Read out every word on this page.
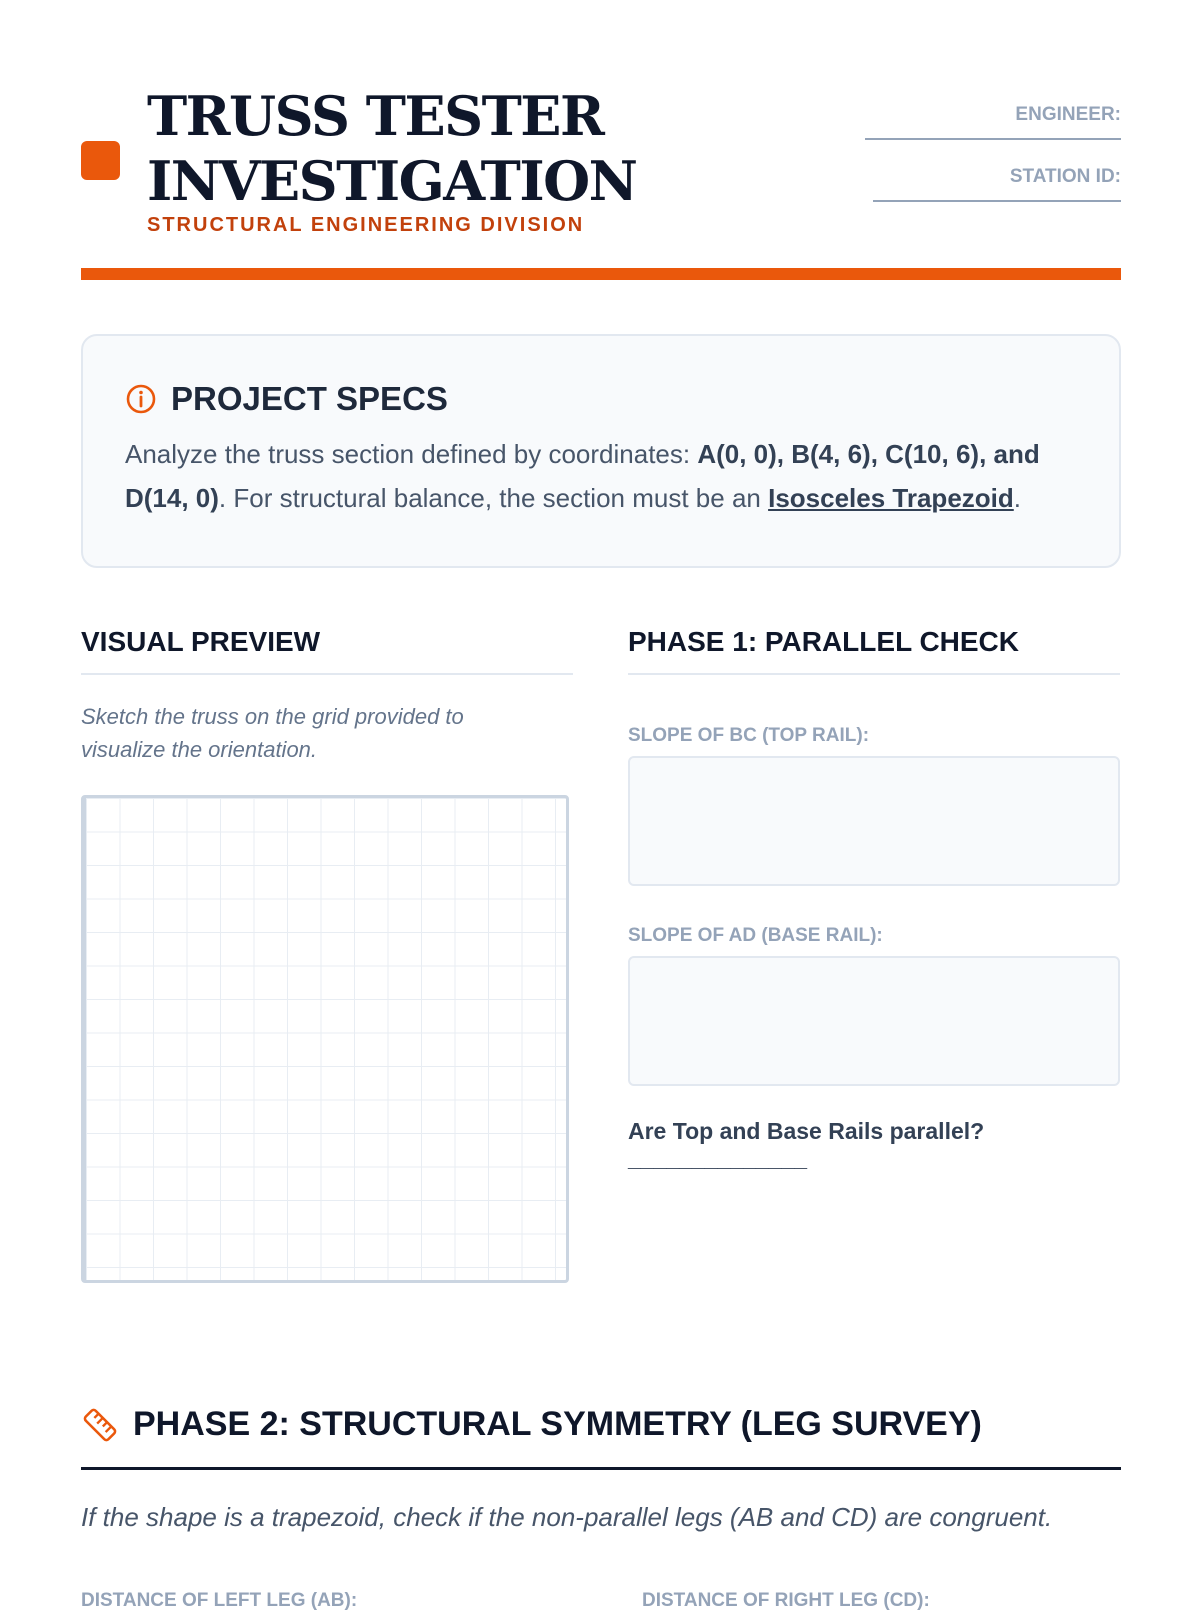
TRUSS TESTER
INVESTIGATION
STRUCTURAL ENGINEERING DIVISION
ENGINEER:
STATION ID:
PROJECT SPECS
Analyze the truss section defined by coordinates: A(0, 0), B(4, 6), C(10, 6), and D(14, 0). For structural balance, the section must be an Isosceles Trapezoid.
VISUAL PREVIEW
Sketch the truss on the grid provided to visualize the orientation.
PHASE 1: PARALLEL CHECK
SLOPE OF BC (TOP RAIL):
SLOPE OF AD (BASE RAIL):
Are Top and Base Rails parallel? ______________
PHASE 2: STRUCTURAL SYMMETRY (LEG SURVEY)
If the shape is a trapezoid, check if the non-parallel legs (AB and CD) are congruent.
DISTANCE OF LEFT LEG (AB):	DISTANCE OF RIGHT LEG (CD):
